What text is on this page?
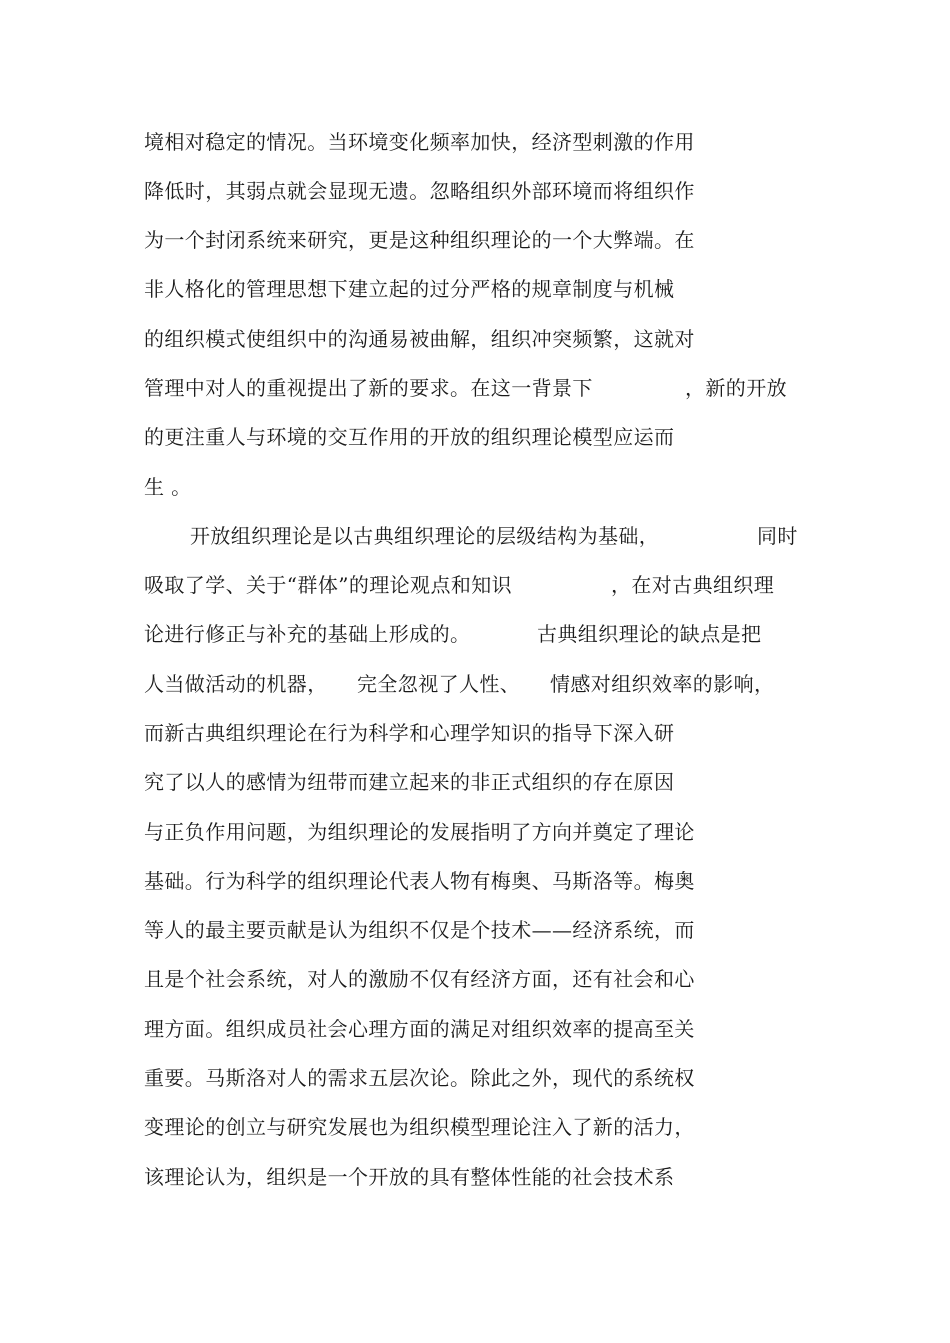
境相对稳定的情况。当环境变化频率加快，经济型刺激的作用
降低时，其弱点就会显现无遗。忽略组织外部环境而将组织作
为一个封闭系统来研究，更是这种组织理论的一个大弊端。在
非人格化的管理思想下建立起的过分严格的规章制度与机械
的组织模式使组织中的沟通易被曲解，组织冲突频繁，这就对
管理中对人的重视提出了新的要求。在这一背景下	，新的开放
的更注重人与环境的交互作用的开放的组织理论模型应运而
生 。
开放组织理论是以古典组织理论的层级结构为基础，	同时
吸取了学、关于“群体”的理论观点和知识	，在对古典组织理
论进行修正与补充的基础上形成的。	古典组织理论的缺点是把
人当做活动的机器， 完全忽视了人性、 情感对组织效率的影响，
而新古典组织理论在行为科学和心理学知识的指导下深入研
究了以人的感情为纽带而建立起来的非正式组织的存在原因
与正负作用问题，为组织理论的发展指明了方向并奠定了理论
基础。行为科学的组织理论代表人物有梅奥、马斯洛等。梅奥
等人的最主要贡献是认为组织不仅是个技术——经济系统，而
且是个社会系统，对人的激励不仅有经济方面，还有社会和心
理方面。组织成员社会心理方面的满足对组织效率的提高至关
重要。马斯洛对人的需求五层次论。除此之外，现代的系统权
变理论的创立与研究发展也为组织模型理论注入了新的活力，
该理论认为，组织是一个开放的具有整体性能的社会技术系
